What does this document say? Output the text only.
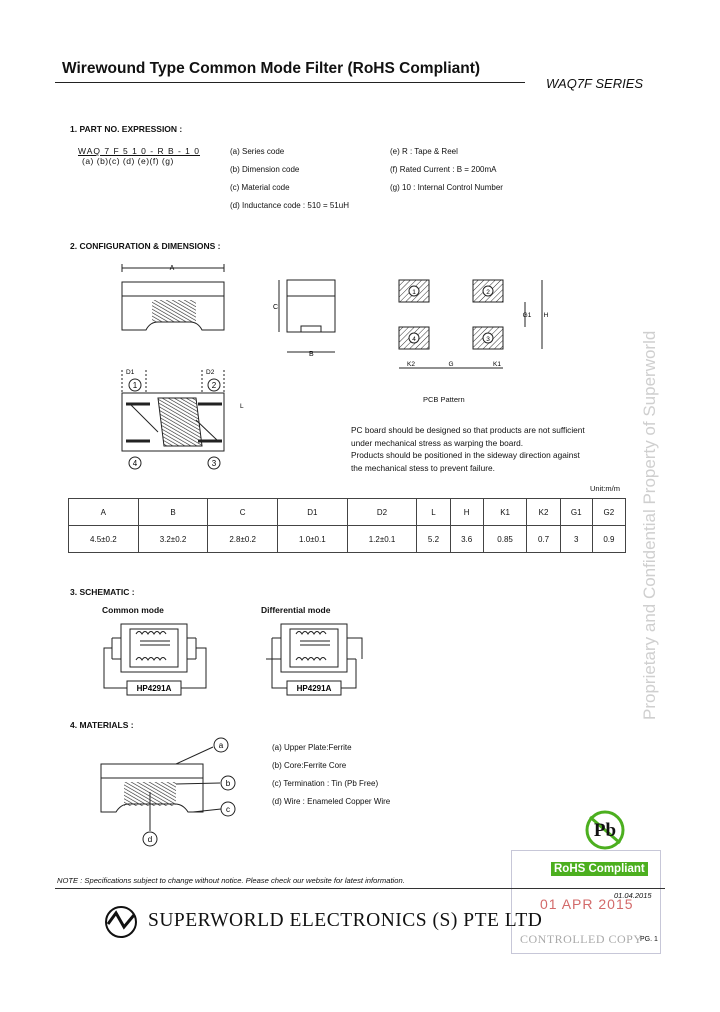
Wirewound Type Common Mode Filter (RoHS Compliant)
WAQ7F SERIES
1. PART NO. EXPRESSION :
WAQ 7 F 5 1 0 - R B - 1 0
(a) (b)(c) (d) (e)(f) (g)
(a) Series code
(b) Dimension code
(c) Material code
(d) Inductance code : 510 = 51uH
(e) R : Tape & Reel
(f) Rated Current : B = 200mA
(g) 10 : Internal Control Number
2. CONFIGURATION & DIMENSIONS :
A
C
B
1	2
4	3
G1 H
K2	G	K1
D1	D2
L
1	2
4	3
PCB Pattern
PC board should be designed so that products are not sufficient
under mechanical stress as warping the board.
Products should be positioned in the sideway direction against
the mechanical stess to prevent failure.
Unit:m/m
A	B	C	D1	D2	L	H	K1	K2	G1	G2
4.5±0.2	3.2±0.2	2.8±0.2	1.0±0.1	1.2±0.1	5.2	3.6	0.85	0.7	3	0.9
3. SCHEMATIC :
Common mode	Differential mode
HP4291A	HP4291A
a
b
c
d	Pb
4. MATERIALS :
(a) Upper Plate:Ferrite
(b) Core:Ferrite Core
(c) Termination : Tin (Pb Free)
(d) Wire : Enameled Copper Wire
Proprietary and Confidential Property of Superworld
RoHS Compliant
01 APR 2015
CONTROLLED COPY
NOTE : Specifications subject to change without notice. Please check our website for latest information.
01.04.2015
SUPERWORLD ELECTRONICS (S) PTE LTD
PG. 1
